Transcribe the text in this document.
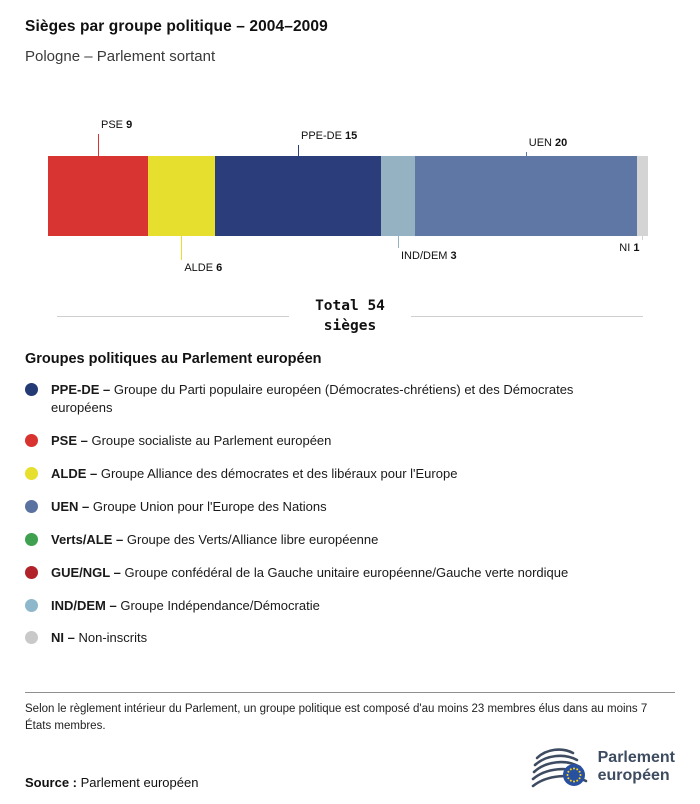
Sièges par groupe politique – 2004–2009
Pologne – Parlement sortant
PSE 9
ALDE 6
PPE-DE 15
IND/DEM 3
UEN 20
NI 1
Total 54
sièges
Groupes politiques au Parlement européen
PPE-DE – Groupe du Parti populaire européen (Démocrates-chrétiens) et des Démocrates européens
PSE – Groupe socialiste au Parlement européen
ALDE – Groupe Alliance des démocrates et des libéraux pour l'Europe
UEN – Groupe Union pour l'Europe des Nations
Verts/ALE – Groupe des Verts/Alliance libre européenne
GUE/NGL – Groupe confédéral de la Gauche unitaire européenne/Gauche verte nordique
IND/DEM – Groupe Indépendance/Démocratie
NI – Non-inscrits
Selon le règlement intérieur du Parlement, un groupe politique est composé d'au moins 23 membres élus dans au moins 7 États membres.
Source : Parlement européen
Parlement
européen
